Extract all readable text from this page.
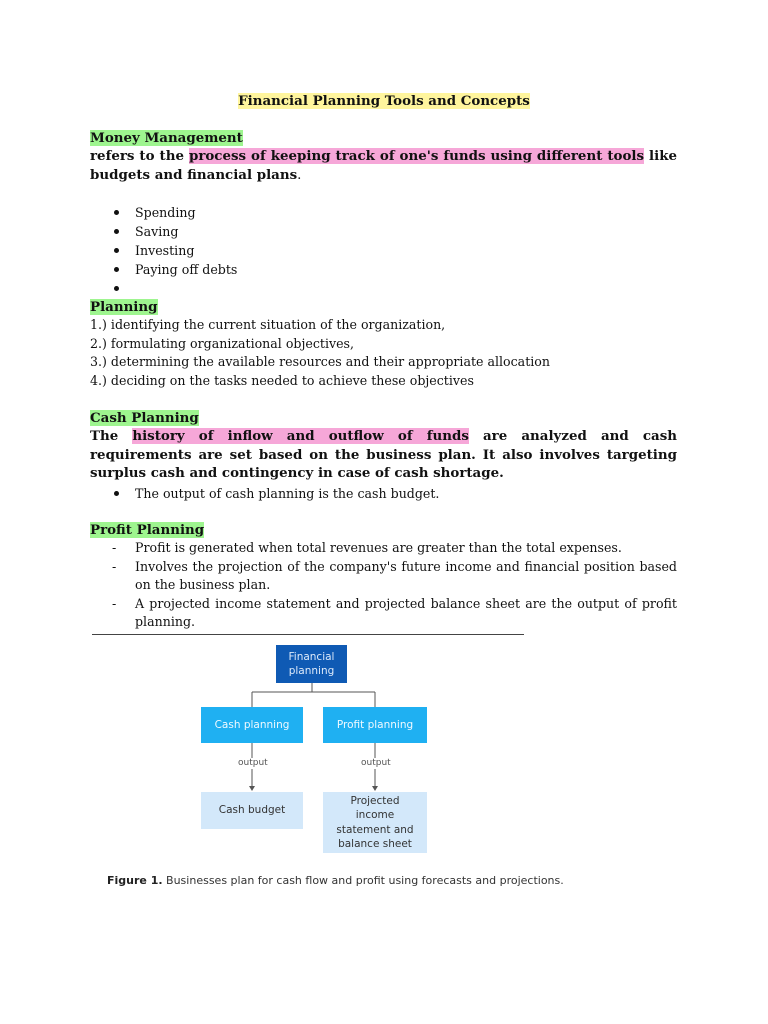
Financial Planning Tools and Concepts
Money Management
refers to the process of keeping track of one's funds using different tools like budgets and financial plans.
Spending
Saving
Investing
Paying off debts
Planning
1.) identifying the current situation of the organization,
2.) formulating organizational objectives,
3.) determining the available resources and their appropriate allocation
4.) deciding on the tasks needed to achieve these objectives
Cash Planning
The history of inflow and outflow of funds are analyzed and cash requirements are set based on the business plan. It also involves targeting surplus cash and contingency in case of cash shortage.
The output of cash planning is the cash budget.
Profit Planning
- Profit is generated when total revenues are greater than the total expenses.
- Involves the projection of the company's future income and financial position based on the business plan.
- A projected income statement and projected balance sheet are the output of profit planning.
Financial planning
Cash planning	Profit planning
output	output
Cash budget
Projected income statement and balance sheet
Figure 1. Businesses plan for cash flow and profit using forecasts and projections.
